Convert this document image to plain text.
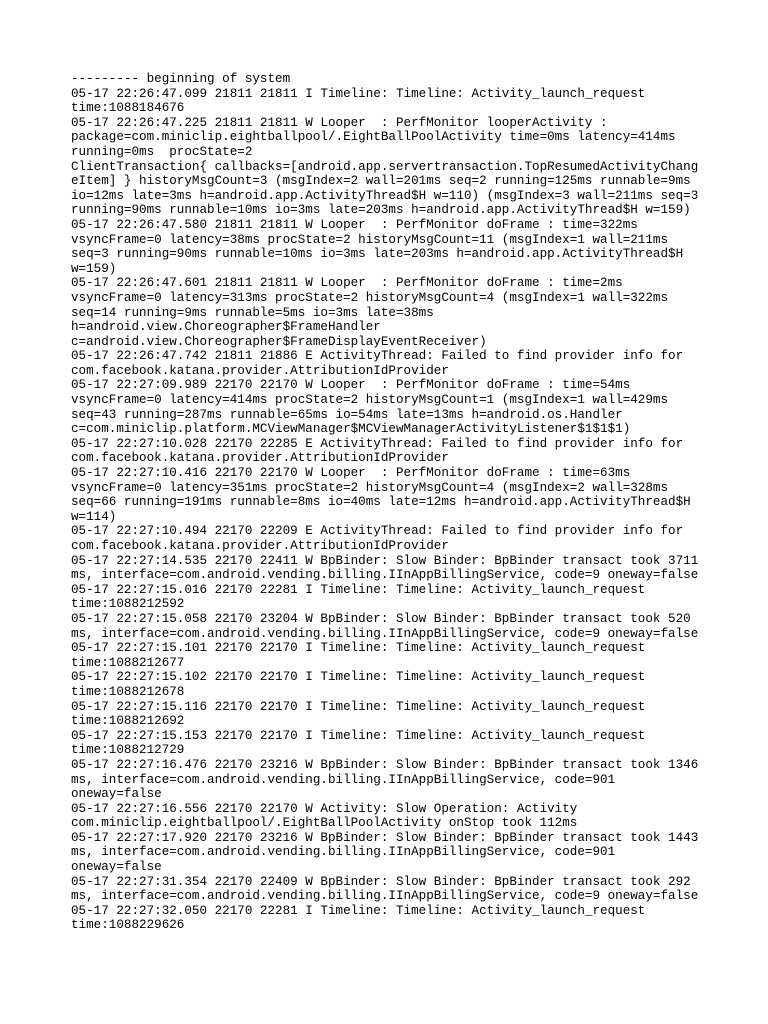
--------- beginning of system
05-17 22:26:47.099 21811 21811 I Timeline: Timeline: Activity_launch_request
time:1088184676
05-17 22:26:47.225 21811 21811 W Looper  : PerfMonitor looperActivity :
package=com.miniclip.eightballpool/.EightBallPoolActivity time=0ms latency=414ms
running=0ms  procState=2
ClientTransaction{ callbacks=[android.app.servertransaction.TopResumedActivityChang
eItem] } historyMsgCount=3 (msgIndex=2 wall=201ms seq=2 running=125ms runnable=9ms
io=12ms late=3ms h=android.app.ActivityThread$H w=110) (msgIndex=3 wall=211ms seq=3
running=90ms runnable=10ms io=3ms late=203ms h=android.app.ActivityThread$H w=159)
05-17 22:26:47.580 21811 21811 W Looper  : PerfMonitor doFrame : time=322ms
vsyncFrame=0 latency=38ms procState=2 historyMsgCount=11 (msgIndex=1 wall=211ms
seq=3 running=90ms runnable=10ms io=3ms late=203ms h=android.app.ActivityThread$H
w=159)
05-17 22:26:47.601 21811 21811 W Looper  : PerfMonitor doFrame : time=2ms
vsyncFrame=0 latency=313ms procState=2 historyMsgCount=4 (msgIndex=1 wall=322ms
seq=14 running=9ms runnable=5ms io=3ms late=38ms
h=android.view.Choreographer$FrameHandler
c=android.view.Choreographer$FrameDisplayEventReceiver)
05-17 22:26:47.742 21811 21886 E ActivityThread: Failed to find provider info for
com.facebook.katana.provider.AttributionIdProvider
05-17 22:27:09.989 22170 22170 W Looper  : PerfMonitor doFrame : time=54ms
vsyncFrame=0 latency=414ms procState=2 historyMsgCount=1 (msgIndex=1 wall=429ms
seq=43 running=287ms runnable=65ms io=54ms late=13ms h=android.os.Handler
c=com.miniclip.platform.MCViewManager$MCViewManagerActivityListener$1$1$1)
05-17 22:27:10.028 22170 22285 E ActivityThread: Failed to find provider info for
com.facebook.katana.provider.AttributionIdProvider
05-17 22:27:10.416 22170 22170 W Looper  : PerfMonitor doFrame : time=63ms
vsyncFrame=0 latency=351ms procState=2 historyMsgCount=4 (msgIndex=2 wall=328ms
seq=66 running=191ms runnable=8ms io=40ms late=12ms h=android.app.ActivityThread$H
w=114)
05-17 22:27:10.494 22170 22209 E ActivityThread: Failed to find provider info for
com.facebook.katana.provider.AttributionIdProvider
05-17 22:27:14.535 22170 22411 W BpBinder: Slow Binder: BpBinder transact took 3711
ms, interface=com.android.vending.billing.IInAppBillingService, code=9 oneway=false
05-17 22:27:15.016 22170 22281 I Timeline: Timeline: Activity_launch_request
time:1088212592
05-17 22:27:15.058 22170 23204 W BpBinder: Slow Binder: BpBinder transact took 520
ms, interface=com.android.vending.billing.IInAppBillingService, code=9 oneway=false
05-17 22:27:15.101 22170 22170 I Timeline: Timeline: Activity_launch_request
time:1088212677
05-17 22:27:15.102 22170 22170 I Timeline: Timeline: Activity_launch_request
time:1088212678
05-17 22:27:15.116 22170 22170 I Timeline: Timeline: Activity_launch_request
time:1088212692
05-17 22:27:15.153 22170 22170 I Timeline: Timeline: Activity_launch_request
time:1088212729
05-17 22:27:16.476 22170 23216 W BpBinder: Slow Binder: BpBinder transact took 1346
ms, interface=com.android.vending.billing.IInAppBillingService, code=901
oneway=false
05-17 22:27:16.556 22170 22170 W Activity: Slow Operation: Activity
com.miniclip.eightballpool/.EightBallPoolActivity onStop took 112ms
05-17 22:27:17.920 22170 23216 W BpBinder: Slow Binder: BpBinder transact took 1443
ms, interface=com.android.vending.billing.IInAppBillingService, code=901
oneway=false
05-17 22:27:31.354 22170 22409 W BpBinder: Slow Binder: BpBinder transact took 292
ms, interface=com.android.vending.billing.IInAppBillingService, code=9 oneway=false
05-17 22:27:32.050 22170 22281 I Timeline: Timeline: Activity_launch_request
time:1088229626
